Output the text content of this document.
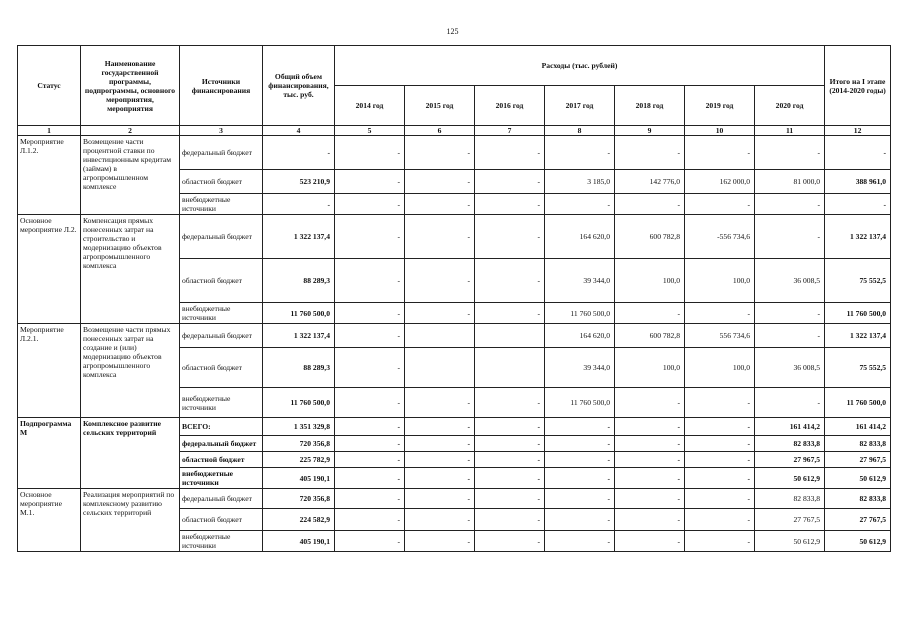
125
Статус	Наименование государственной программы, подпрограммы, основного мероприятия, мероприятия	Источники финансирования	Общий объем финансирования, тыс. руб.	Расходы (тыс. рублей)							Итого на I этапе (2014-2020 годы)
				2014 год	2015 год	2016 год	2017 год	2018 год	2019 год	2020 год	
1	2	3	4	5	6	7	8	9	10	11	12
Мероприятие Л.1.2.	Возмещение части процентной ставки по инвестиционным кредитам (займам) в агропромышленном комплексе	федеральный бюджет	-	-	-	-	-	-	-	-	-
		областной бюджет	523 210,9	-	-	-	3 185,0	142 776,0	162 000,0	81 000,0	388 961,0
		внебюджетные источники	-	-	-	-	-	-	-	-	-
Основное мероприятие Л.2.	Компенсация прямых понесенных затрат на строительство и модернизацию объектов агропромышленного комплекса	федеральный бюджет	1 322 137,4	-	-	-	164 620,0	600 782,8	-556 734,6	-	1 322 137,4
		областной бюджет	88 289,3	-	-	-	39 344,0	100,0	100,0	36 008,5	75 552,5
		внебюджетные источники	11 760 500,0	-	-	-	11 760 500,0	-	-	-	11 760 500,0
Мероприятие Л.2.1.	Возмещение части прямых понесенных затрат на создание и (или) модернизацию объектов агропромышленного комплекса	федеральный бюджет	1 322 137,4	-			164 620,0	600 782,8	556 734,6	-	1 322 137,4
		областной бюджет	88 289,3	-			39 344,0	100,0	100,0	36 008,5	75 552,5
		внебюджетные источники	11 760 500,0	-	-	-	11 760 500,0	-	-	-	11 760 500,0
Подпрограмма М	Комплексное развитие сельских территорий	ВСЕГО:	1 351 329,8	-	-	-	-	-	-	161 414,2	161 414,2
		федеральный бюджет	720 356,8	-	-	-	-	-	-	82 833,8	82 833,8
		областной бюджет	225 782,9	-	-	-	-	-	-	27 967,5	27 967,5
		внебюджетные источники	405 190,1	-	-	-	-	-	-	50 612,9	50 612,9
Основное мероприятие М.1.	Реализация мероприятий по комплексному развитию сельских территорий	федеральный бюджет	720 356,8	-	-	-	-	-	-	82 833,8	82 833,8
		областной бюджет	224 582,9	-	-	-	-	-	-	27 767,5	27 767,5
		внебюджетные источники	405 190,1	-	-	-	-	-	-	50 612,9	50 612,9
